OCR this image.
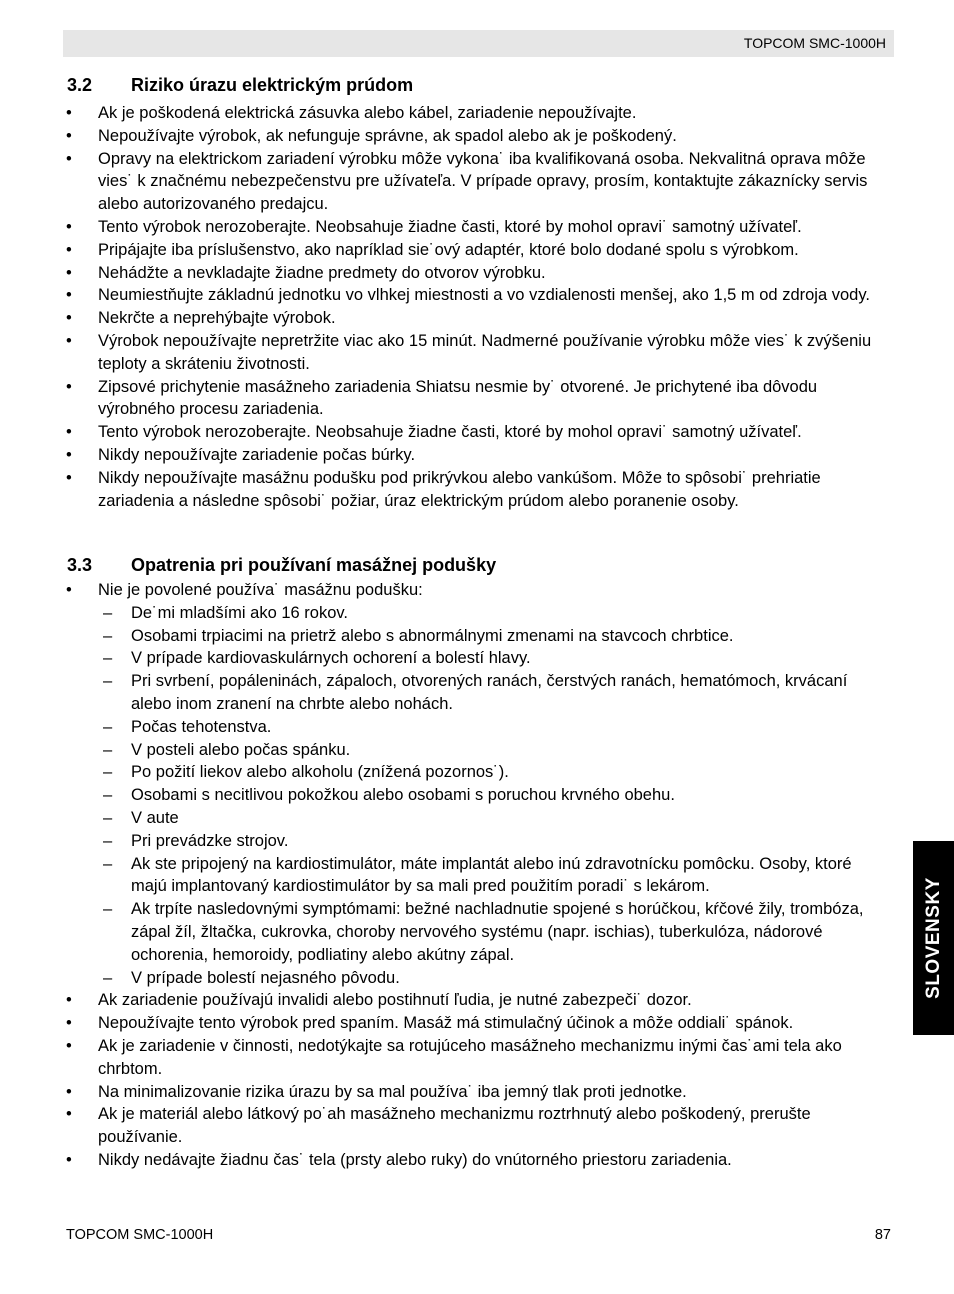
TOPCOM SMC-1000H
3.2 Riziko úrazu elektrickým prúdom
• Ak je poškodená elektrická zásuvka alebo kábel, zariadenie nepoužívajte.
• Nepoužívajte výrobok, ak nefunguje správne, ak spadol alebo ak je poškodený.
• Opravy na elektrickom zariadení výrobku môže vykona˙ iba kvalifikovaná osoba. Nekvalitná oprava môže vies˙ k značnému nebezpečenstvu pre užívateľa. V prípade opravy, prosím, kontaktujte zákaznícky servis alebo autorizovaného predajcu.
• Tento výrobok nerozoberajte. Neobsahuje žiadne časti, ktoré by mohol opravi˙ samotný užívateľ.
• Pripájajte iba príslušenstvo, ako napríklad sie˙ový adaptér, ktoré bolo dodané spolu s výrobkom.
• Nehádžte a nevkladajte žiadne predmety do otvorov výrobku.
• Neumiestňujte základnú jednotku vo vlhkej miestnosti a vo vzdialenosti menšej, ako 1,5 m od zdroja vody.
• Nekrčte a neprehýbajte výrobok.
• Výrobok nepoužívajte nepretržite viac ako 15 minút. Nadmerné používanie výrobku môže vies˙ k zvýšeniu teploty a skráteniu životnosti.
• Zipsové prichytenie masážneho zariadenia Shiatsu nesmie by˙ otvorené. Je prichytené iba dôvodu výrobného procesu zariadenia.
• Tento výrobok nerozoberajte. Neobsahuje žiadne časti, ktoré by mohol opravi˙ samotný užívateľ.
• Nikdy nepoužívajte zariadenie počas búrky.
• Nikdy nepoužívajte masážnu podušku pod prikrývkou alebo vankúšom. Môže to spôsobi˙ prehriatie zariadenia a následne spôsobi˙ požiar, úraz elektrickým prúdom alebo poranenie osoby.
3.3 Opatrenia pri používaní masážnej podušky
• Nie je povolené používa˙ masážnu podušku:
– De˙mi mladšími ako 16 rokov.
– Osobami trpiacimi na prietrž alebo s abnormálnymi zmenami na stavcoch chrbtice.
– V prípade kardiovaskulárnych ochorení a bolestí hlavy.
– Pri svrbení, popáleninách, zápaloch, otvorených ranách, čerstvých ranách, hematómoch, krvácaní alebo inom zranení na chrbte alebo nohách.
– Počas tehotenstva.
– V posteli alebo počas spánku.
– Po požití liekov alebo alkoholu (znížená pozornos˙).
– Osobami s necitlivou pokožkou alebo osobami s poruchou krvného obehu.
– V aute
– Pri prevádzke strojov.
– Ak ste pripojený na kardiostimulátor, máte implantát alebo inú zdravotnícku pomôcku. Osoby, ktoré majú implantovaný kardiostimulátor by sa mali pred použitím poradi˙ s lekárom.
– Ak trpíte nasledovnými symptómami: bežné nachladnutie spojené s horúčkou, kŕčové žily, trombóza, zápal žíl, žltačka, cukrovka, choroby nervového systému (napr. ischias), tuberkulóza, nádorové ochorenia, hemoroidy, podliatiny alebo akútny zápal.
– V prípade bolestí nejasného pôvodu.
• Ak zariadenie používajú invalidi alebo postihnutí ľudia, je nutné zabezpeči˙ dozor.
• Nepoužívajte tento výrobok pred spaním. Masáž má stimulačný účinok a môže oddiali˙ spánok.
• Ak je zariadenie v činnosti, nedotýkajte sa rotujúceho masážneho mechanizmu inými čas˙ami tela ako chrbtom.
• Na minimalizovanie rizika úrazu by sa mal používa˙ iba jemný tlak proti jednotke.
• Ak je materiál alebo látkový po˙ah masážneho mechanizmu roztrhnutý alebo poškodený, prerušte používanie.
• Nikdy nedávajte žiadnu čas˙ tela (prsty alebo ruky) do vnútorného priestoru zariadenia.
SLOVENSKY
TOPCOM SMC-1000H	87
